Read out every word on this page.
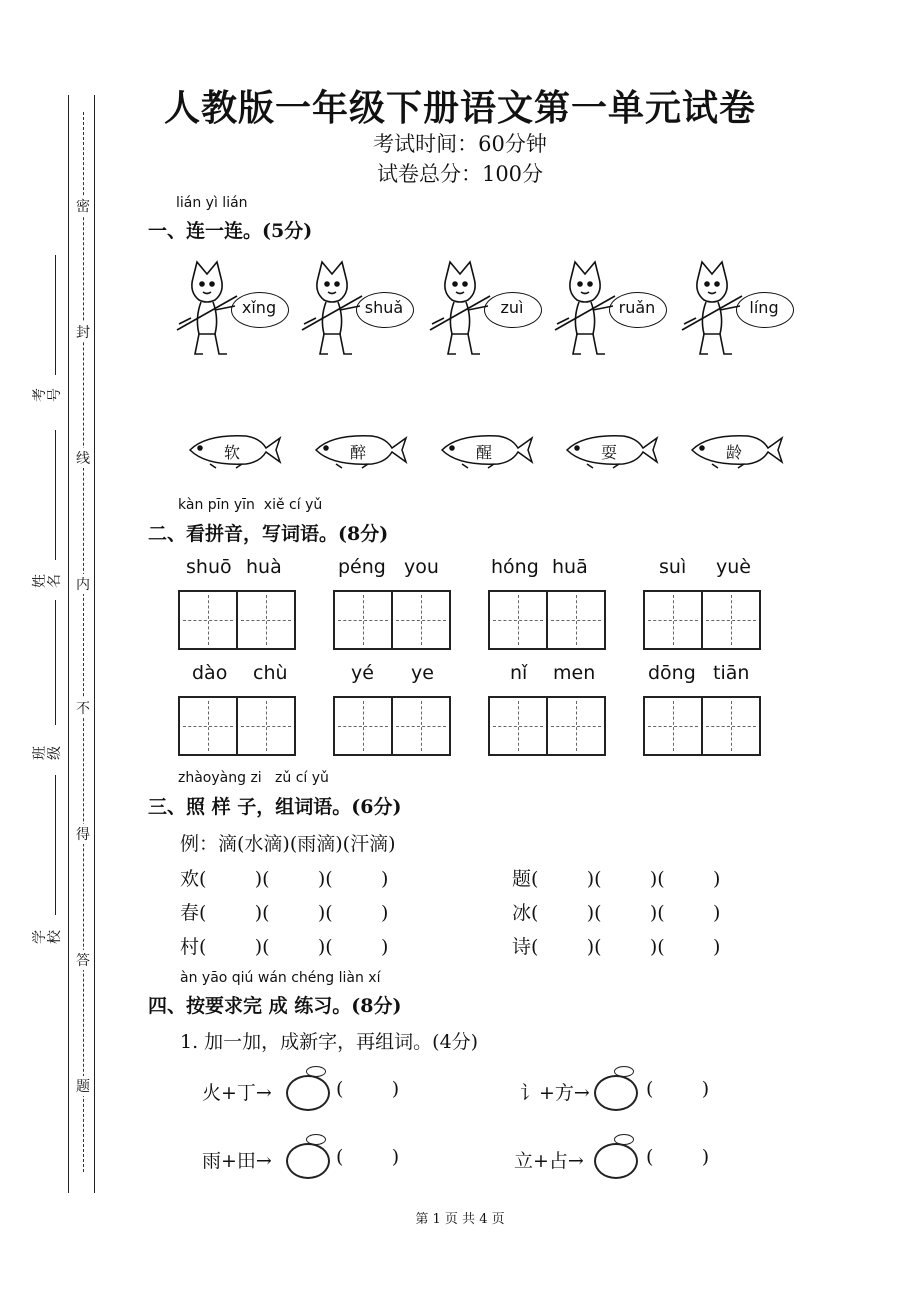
人教版一年级下册语文第一单元试卷
考试时间：60分钟
试卷总分：100分
密
封
线
内
不
得
答
题
考号
姓名
班级
学校
lián yì lián
一、连一连。(5分)
xǐng	shuǎ	zuì	ruǎn	líng
软	醉	醒	耍	龄
kàn pīn yīn  xiě cí yǔ
二、看拼音，写词语。(8分)
shuō huà	péng you	hóng huā	suì yuè
dào chù	yé ye	nǐ men	dōng tiān
zhàoyàng zi   zǔ cí yǔ
三、照 样 子，组词语。(6分)
例：滴(水滴)(雨滴)(汗滴)
欢(        )(        )(        )	题(        )(        )(        )
春(        )(        )(        )	冰(        )(        )(        )
村(        )(        )(        )	诗(        )(        )(        )
àn yāo qiú wán chéng liàn xí
四、按要求完 成 练习。(8分)
1. 加一加，成新字，再组词。(4分)
火+丁→	(        )	讠+方→	(        )
雨+田→	(        )	立+占→	(        )
第 1 页 共 4 页
